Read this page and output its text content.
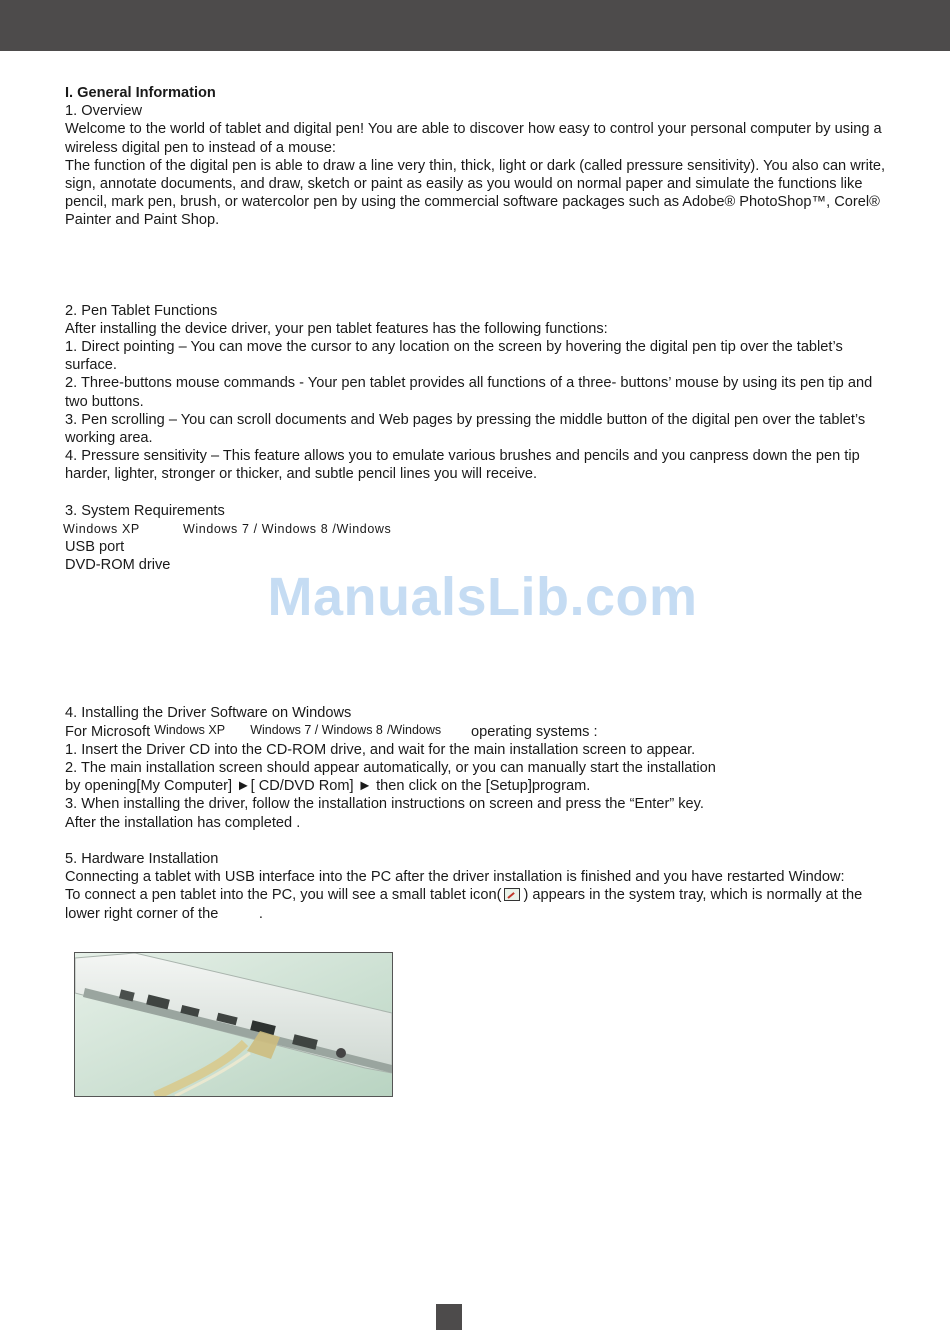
ManualsLib.com
I. General Information
1. Overview
Welcome to the world of tablet and digital pen! You are able to discover how easy to control your personal computer by using a
wireless digital pen to instead of a mouse:
The function of the digital pen is able to draw a line very thin, thick, light or dark (called pressure sensitivity). You also can write,
sign, annotate documents, and draw, sketch or paint as easily as you would on normal paper and simulate the functions like
pencil, mark pen, brush, or watercolor pen by using the commercial software packages such as Adobe® PhotoShop™, Corel®
Painter and Paint Shop.
2. Pen Tablet Functions
After installing the device driver, your pen tablet features has the following functions:
1. Direct pointing – You can move the cursor to any location on the screen by hovering the digital pen tip over the tablet’s
surface.
2. Three-buttons mouse commands - Your pen tablet provides all functions of a three- buttons’ mouse by using its pen tip and
two buttons.
3. Pen scrolling – You can scroll documents and Web pages by pressing the middle button of the digital pen over the tablet’s
working area.
4. Pressure sensitivity – This feature allows you to emulate various brushes and pencils and you canpress down the pen tip
harder, lighter, stronger or thicker, and subtle pencil lines you will receive.
3. System Requirements
Windows XP	Windows 7 / Windows 8 /Windows
USB port
DVD-ROM drive
4. Installing the Driver Software on Windows
For Microsoft Windows XP Windows 7 / Windows 8 /Windows operating systems :
1. Insert the Driver CD into the CD-ROM drive, and wait for the main installation screen to appear.
2. The main installation screen should appear automatically, or you can manually start the installation
by opening[My Computer] ►[ CD/DVD Rom] ► then click on the [Setup]program.
3. When installing the driver, follow the installation instructions on screen and press the “Enter” key.
After the installation has completed .
5. Hardware Installation
Connecting a tablet with USB interface into the PC after the driver installation is finished and you have restarted Window:
To connect a pen tablet into the PC, you will see a small tablet icon( ) appears in the system tray, which is normally at the
lower right corner of the          .
